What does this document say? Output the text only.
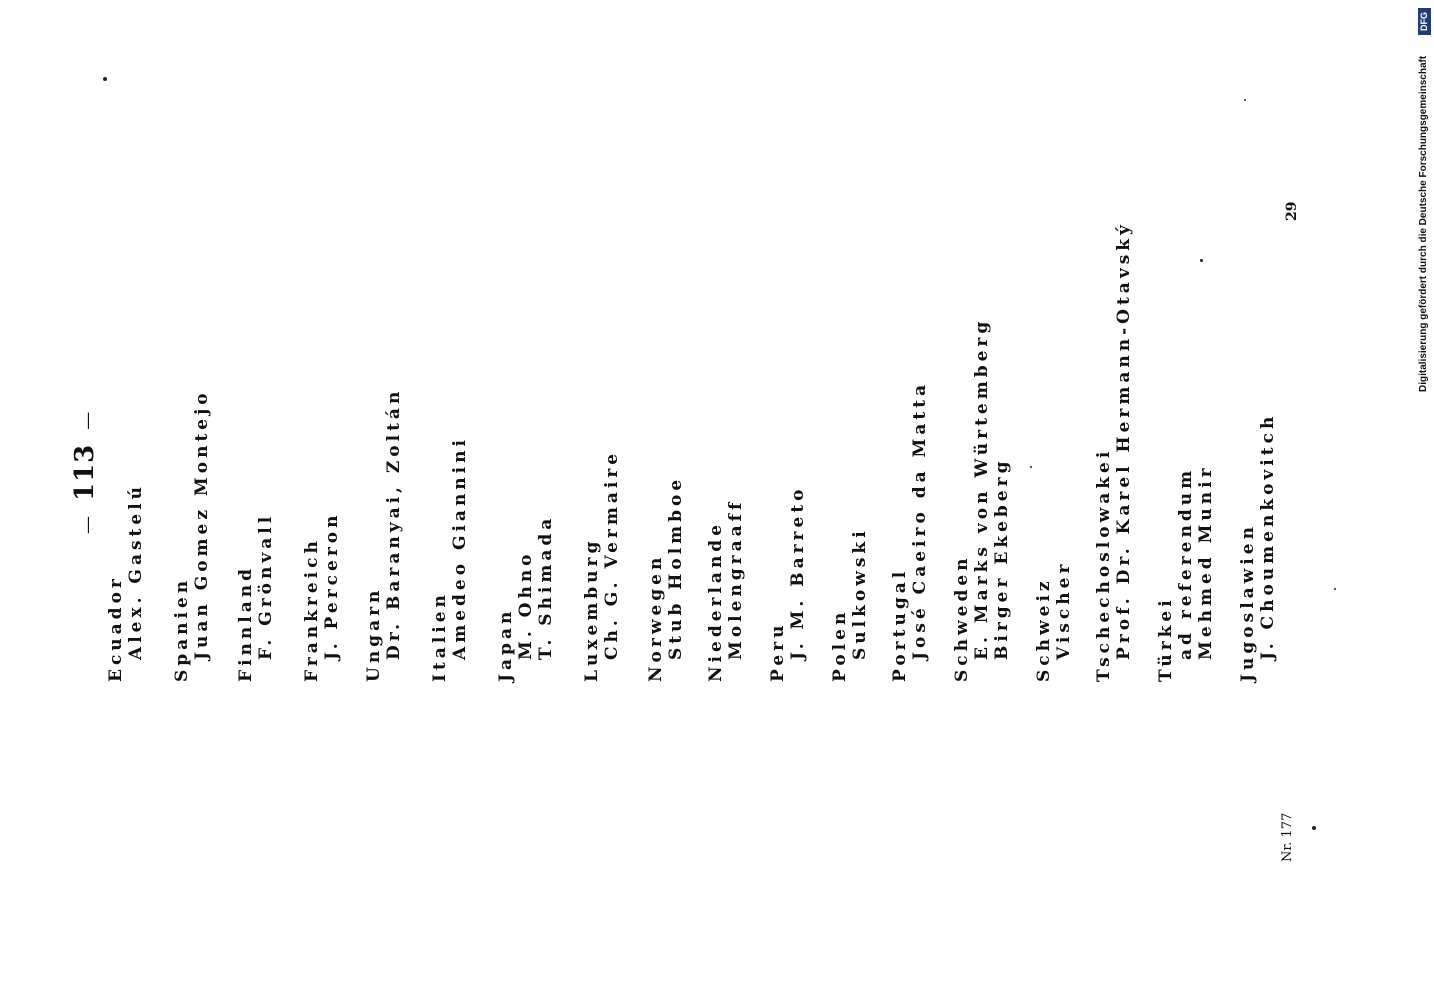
—113—
Ecuador Alex. Gastelú Spanien Juan Gomez Montejo Finnland F. Grönvall Frankreich J. Perceron Ungarn Dr. Baranyai, Zoltán Italien Amedeo Giannini Japan M. Ohno T. Shimada Luxemburg Ch. G. Vermaire Norwegen Stub Holmboe Niederlande Molengraaff Peru J. M. Barreto Polen Sulkowski Portugal José Caeiro da Matta Schweden E. Marks von Würtemberg Birger Ekeberg Schweiz Vischer Tschechoslowakei Prof. Dr. Karel Hermann-Otavský Türkei ad referendum Mehmed Munir Jugoslawien J. Choumenkovitch
Nr. 177
29	Digitalisierung gefördert durch die Deutsche Forschungsgemeinschaft
DFG
